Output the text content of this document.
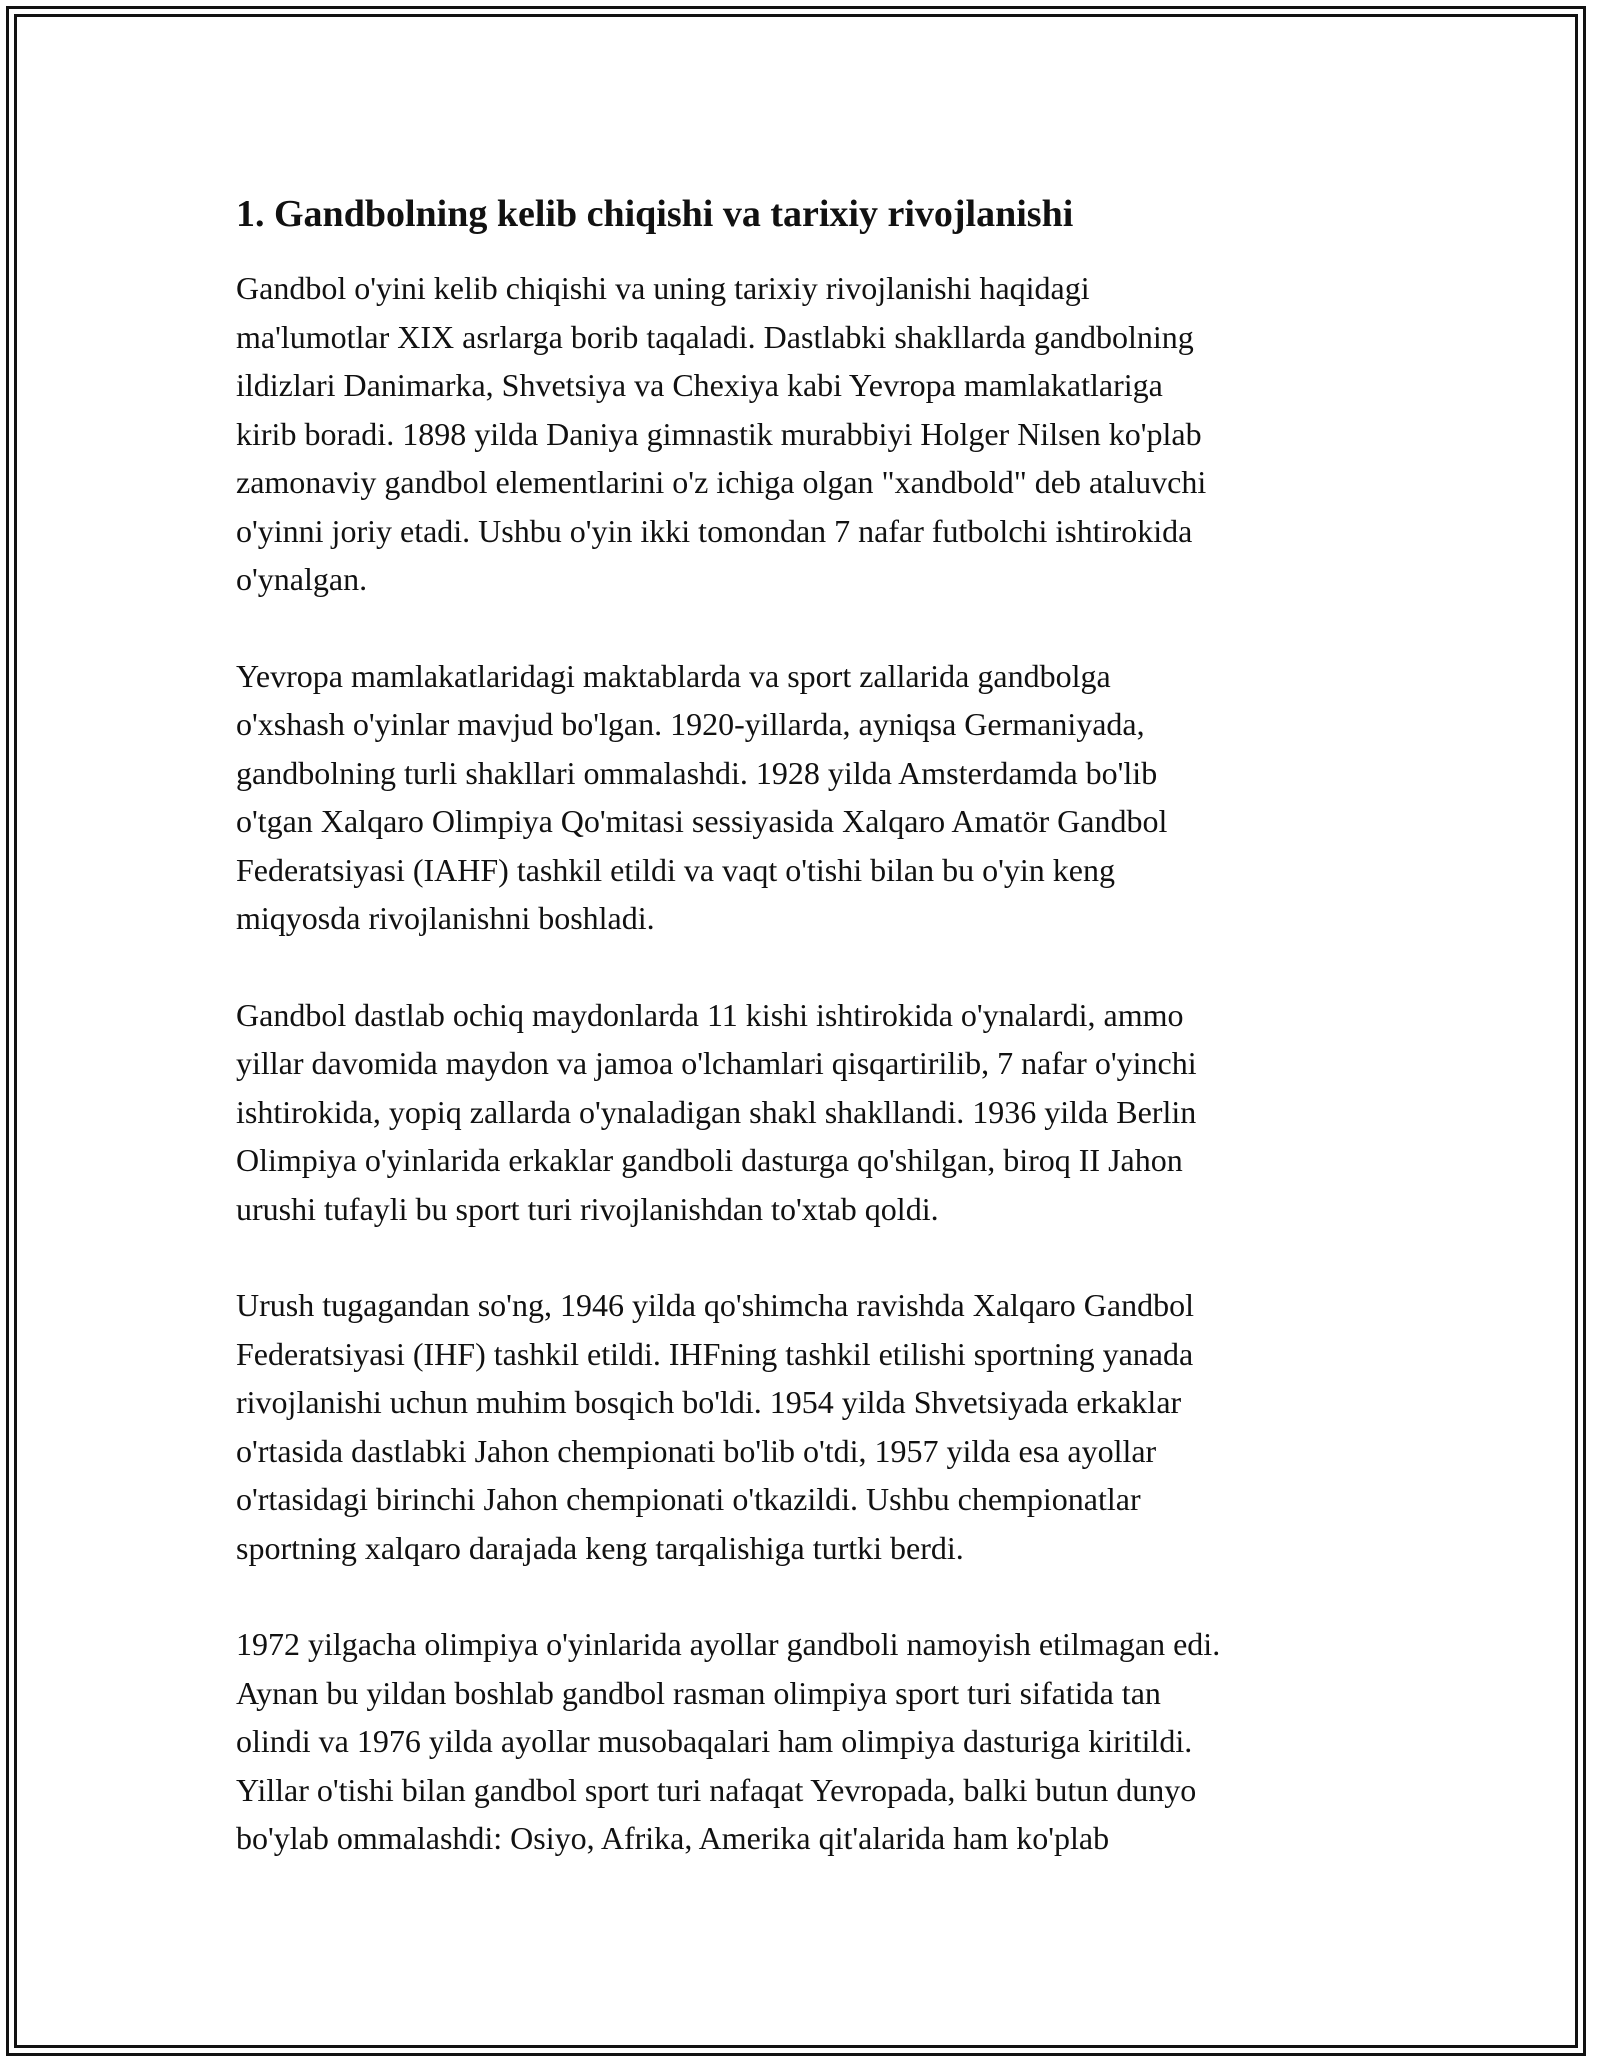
1. Gandbolning kelib chiqishi va tarixiy rivojlanishi

Gandbol o'yini kelib chiqishi va uning tarixiy rivojlanishi haqidagi
ma'lumotlar XIX asrlarga borib taqaladi. Dastlabki shakllarda gandbolning
ildizlari Danimarka, Shvetsiya va Chexiya kabi Yevropa mamlakatlariga
kirib boradi. 1898 yilda Daniya gimnastik murabbiyi Holger Nilsen ko'plab
zamonaviy gandbol elementlarini o'z ichiga olgan "xandbold" deb ataluvchi
o'yinni joriy etadi. Ushbu o'yin ikki tomondan 7 nafar futbolchi ishtirokida
o'ynalgan.

Yevropa mamlakatlaridagi maktablarda va sport zallarida gandbolga
o'xshash o'yinlar mavjud bo'lgan. 1920-yillarda, ayniqsa Germaniyada,
gandbolning turli shakllari ommalashdi. 1928 yilda Amsterdamda bo'lib
o'tgan Xalqaro Olimpiya Qo'mitasi sessiyasida Xalqaro Amatör Gandbol
Federatsiyasi (IAHF) tashkil etildi va vaqt o'tishi bilan bu o'yin keng
miqyosda rivojlanishni boshladi.

Gandbol dastlab ochiq maydonlarda 11 kishi ishtirokida o'ynalardi, ammo
yillar davomida maydon va jamoa o'lchamlari qisqartirilib, 7 nafar o'yinchi
ishtirokida, yopiq zallarda o'ynaladigan shakl shakllandi. 1936 yilda Berlin
Olimpiya o'yinlarida erkaklar gandboli dasturga qo'shilgan, biroq II Jahon
urushi tufayli bu sport turi rivojlanishdan to'xtab qoldi.

Urush tugagandan so'ng, 1946 yilda qo'shimcha ravishda Xalqaro Gandbol
Federatsiyasi (IHF) tashkil etildi. IHFning tashkil etilishi sportning yanada
rivojlanishi uchun muhim bosqich bo'ldi. 1954 yilda Shvetsiyada erkaklar
o'rtasida dastlabki Jahon chempionati bo'lib o'tdi, 1957 yilda esa ayollar
o'rtasidagi birinchi Jahon chempionati o'tkazildi. Ushbu chempionatlar
sportning xalqaro darajada keng tarqalishiga turtki berdi.

1972 yilgacha olimpiya o'yinlarida ayollar gandboli namoyish etilmagan edi.
Aynan bu yildan boshlab gandbol rasman olimpiya sport turi sifatida tan
olindi va 1976 yilda ayollar musobaqalari ham olimpiya dasturiga kiritildi.
Yillar o'tishi bilan gandbol sport turi nafaqat Yevropada, balki butun dunyo
bo'ylab ommalashdi: Osiyo, Afrika, Amerika qit'alarida ham ko'plab
